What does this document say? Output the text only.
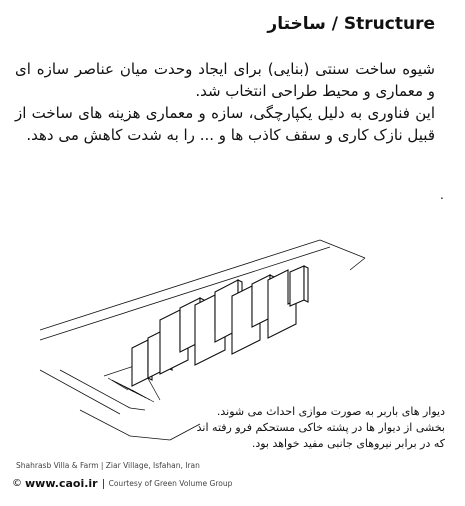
ساختار / Structure

شیوه ساخت سنتی (بنایی) برای ایجاد وحدت میان عناصر سازه ای و معماری و محیط طراحی انتخاب شد.

این فناوری به دلیل یکپارچگی، سازه و معماری هزینه های ساخت از قبیل نازک کاری و سقف کاذب ها و ... را به شدت کاهش می دهد.

.

دیوار های باربر به صورت موازی احداث می شوند.

بخشی از دیوار ها در پشته خاکی مستحکم فرو رفته اند

که در برابر نیروهای جانبی مفید خواهد بود.

Shahrasb Villa & Farm | Ziar Village, Isfahan, Iran
© www.caoi.ir Courtesy of Green Volume Group
